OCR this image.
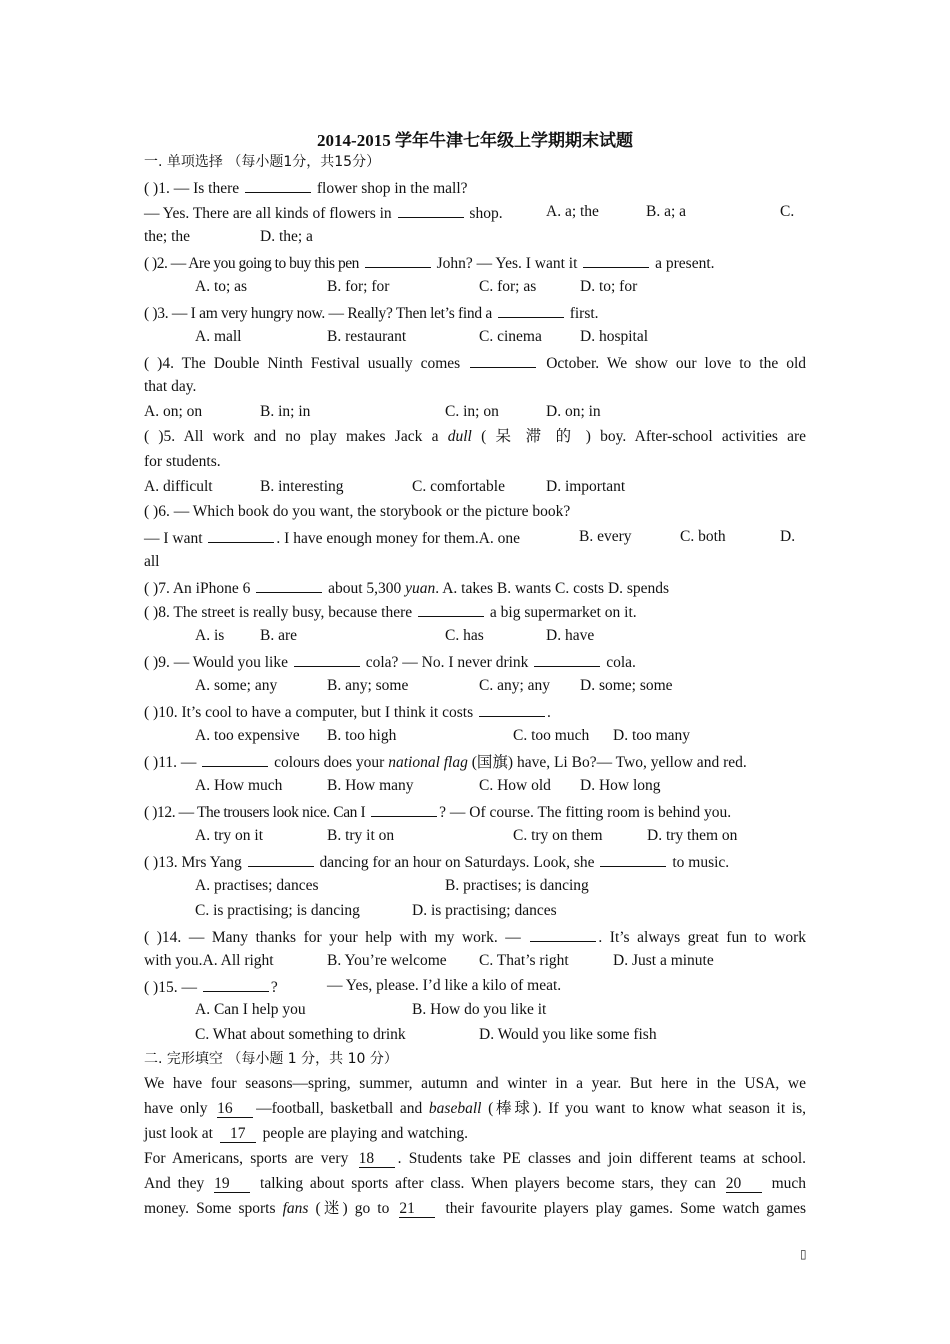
2014-2015 学年牛津七年级上学期期末试题
一. 单项选择 （每小题1分，共15分）
( )1. — Is there	flower shop in the mall?
— Yes. There are all kinds of flowers in	shop.	A. a; the	B. a; a	C.
the; the	D. the; a
( )2. — Are you going to buy this pen	John? — Yes. I want it	a present.
A. to; as	B. for; for	C. for; as	D. to; for
( )3. — I am very hungry now. — Really? Then let’s find a	first.
A. mall	B. restaurant	C. cinema D. hospital
( )4. The Double Ninth Festival usually comes	October. We show our love to the old
that day.
A. on; on	B. in; in	C. in; on	D. on; in
( )5. All work and no play makes Jack a dull ( 呆 滞 的 ) boy. After-school activities are
for students.
A. difficult	B. interesting	C. comfortable	D. important
( )6. — Which book do you want, the storybook or the picture book?
— I want	. I have enough money for them.A. one	B. every	C. both	D.
all
( )7. An iPhone 6	about 5,300 yuan. A. takes B. wants C. costs D. spends
( )8. The street is really busy, because there	a big supermarket on it.
A. is B. are	C. has	D. have
( )9. — Would you like	cola? — No. I never drink	cola.
A. some; any	B. any; some	C. any; any D. some; some
( )10. It’s cool to have a computer, but I think it costs	.
A. too expensive B. too high	C. too much D. too many
( )11. —	colours does your national flag (国旗) have, Li Bo?— Two, yellow and red.
A. How much	B. How many	C. How old D. How long
( )12. — The trousers look nice. Can I	? — Of course. The fitting room is behind you.
A. try on it	B. try it on	C. try on them	D. try them on
( )13. Mrs Yang	dancing for an hour on Saturdays. Look, she	to music.
A. practises; dances	B. practises; is dancing
C. is practising; is dancing	D. is practising; dances
( )14. — Many thanks for your help with my work. —	. It’s always great fun to work
with you.A. All right	B. You’re welcome C. That’s right	D. Just a minute
( )15. —	?	— Yes, please. I’d like a kilo of meat.
A. Can I help you	B. How do you like it
C. What about something to drink	D. Would you like some fish
二. 完形填空 （每小题 1 分，共 10 分）
We have four seasons—spring, summer, autumn and winter in a year. But here in the USA, we
have only 16 —football, basketball and baseball (棒球). If you want to know what season it is,
just look at 17 people are playing and watching.
For Americans, sports are very 18 . Students take PE classes and join different teams at school.
And they 19 talking about sports after class. When players become stars, they can 20 much
money. Some sports fans (迷) go to 21 their favourite players play games. Some watch games
▯
